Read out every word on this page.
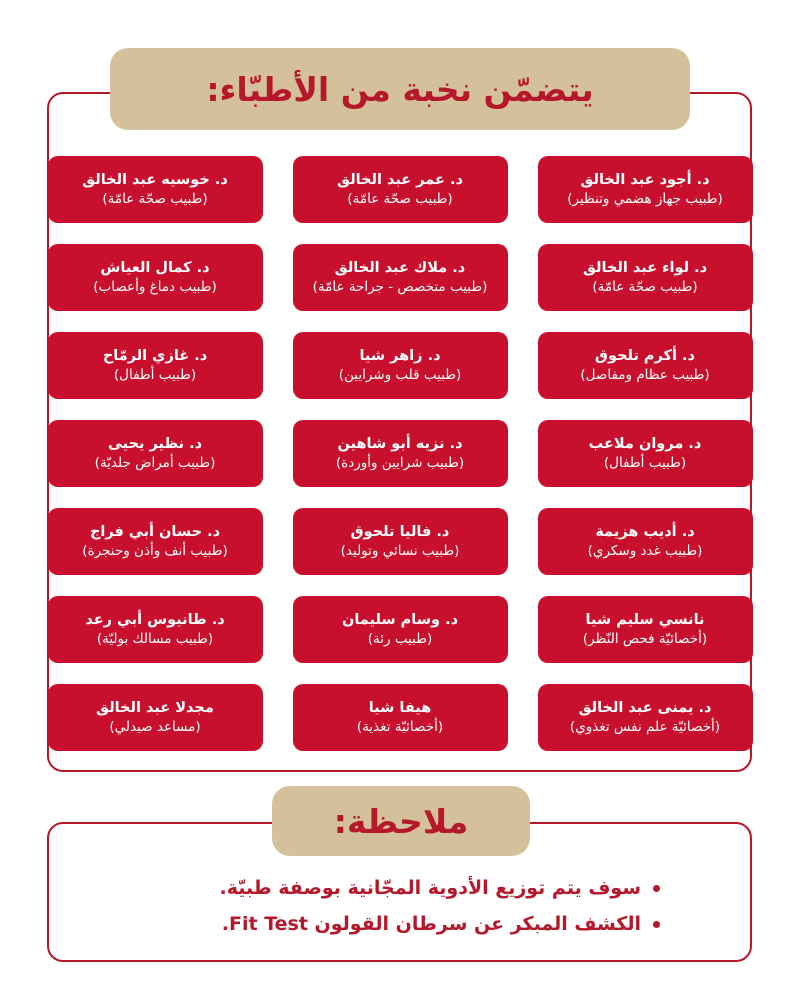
يتضمّن نخبة من الأطبّاء:
د. أجود عبد الخالق
(طبيب جهاز هضمي وتنظير)
د. عمر عبد الخالق
(طبيب صحّة عامّة)
د. خوسيه عبد الخالق
(طبيب صحّة عامّة)
د. لواء عبد الخالق
(طبيب صحّة عامّة)
د. ملاك عبد الخالق
(طبيب متخصص - جراحة عامّة)
د. كمال العياش
(طبيب دماغ وأعصاب)
د. أكرم تلحوق
(طبيب عظام ومفاصل)
د. زاهر شيا
(طبيب قلب وشرايين)
د. غازي الرمّاح
(طبيب أطفال)
د. مروان ملاعب
(طبيب أطفال)
د. نزيه أبو شاهين
(طبيب شرايين وأوردة)
د. نظير يحيى
(طبيب أمراض جلديّة)
د. أديب هزيمة
(طبيب غدد وسكري)
د. فاليا تلحوق
(طبيب نسائي وتوليد)
د. حسان أبي فراج
(طبيب أنف وأذن وحنجرة)
نانسي سليم شيا
(أخصائيّة فحص النّظر)
د. وسام سليمان
(طبيب رئة)
د. طانيوس أبي رعد
(طبيب مسالك بوليّة)
د. يمنى عبد الخالق
(أخصائيّة علم نفس تغذوي)
هيفا شيا
(أخصائيّة تغذية)
مجدلا عبد الخالق
(مساعد صيدلي)
ملاحظة:
سوف يتم توزيع الأدوية المجّانية بوصفة طبيّة.
الكشف المبكر عن سرطان القولون Fit Test.
